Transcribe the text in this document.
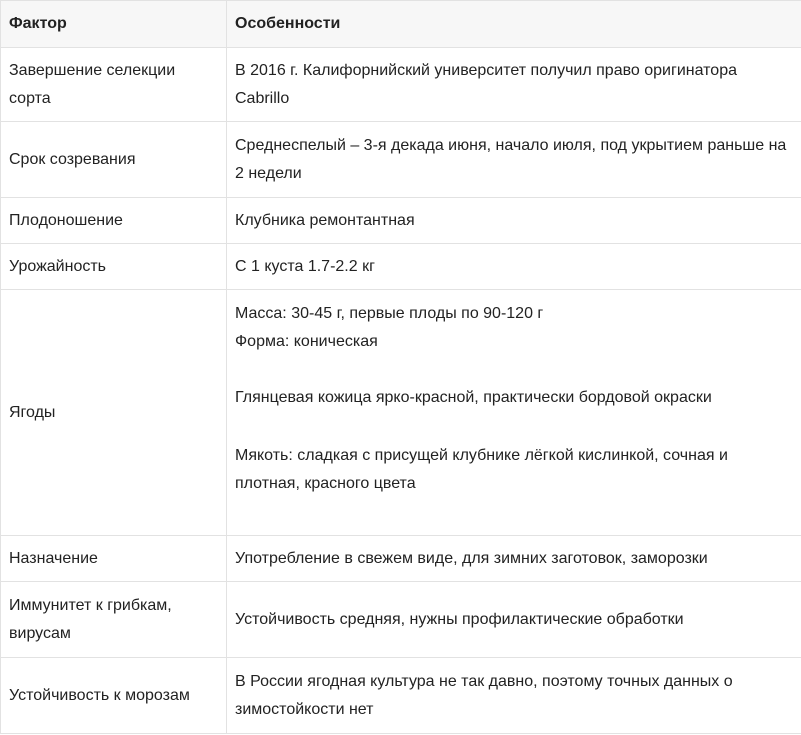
Фактор	Особенности
Завершение селекции сорта	В 2016 г. Калифорнийский университет получил право оригинатора Cabrillo
Срок созревания	Среднеспелый – 3-я декада июня, начало июля, под укрытием раньше на 2 недели
Плодоношение	Клубника ремонтантная
Урожайность	С 1 куста 1.7-2.2 кг
Ягоды	Масса: 30-45 г, первые плоды по 90-120 г
Форма: коническая
Глянцевая кожица ярко-красной, практически бордовой окраски
Мякоть: сладкая с присущей клубнике лёгкой кислинкой, сочная и плотная, красного цвета

Назначение	Употребление в свежем виде, для зимних заготовок, заморозки
Иммунитет к грибкам, вирусам	Устойчивость средняя, нужны профилактические обработки
Устойчивость к морозам	В России ягодная культура не так давно, поэтому точных данных о зимостойкости нет
